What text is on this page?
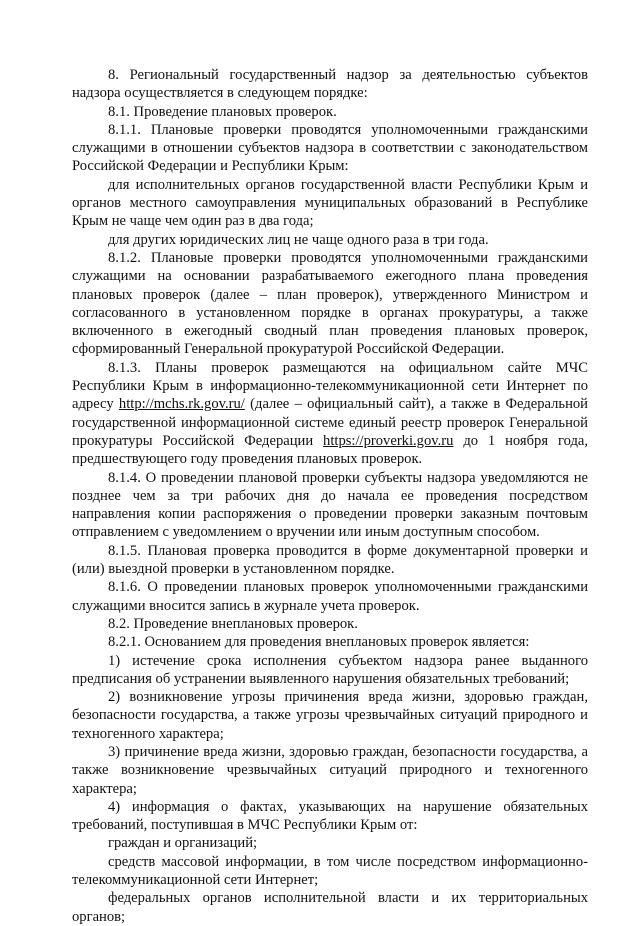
8. Региональный государственный надзор за деятельностью субъектов надзора осуществляется в следующем порядке:

8.1. Проведение плановых проверок.

8.1.1. Плановые проверки проводятся уполномоченными гражданскими служащими в отношении субъектов надзора в соответствии с законодательством Российской Федерации и Республики Крым:

для исполнительных органов государственной власти Республики Крым и органов местного самоуправления муниципальных образований в Республике Крым не чаще чем один раз в два года;

для других юридических лиц не чаще одного раза в три года.

8.1.2. Плановые проверки проводятся уполномоченными гражданскими служащими на основании разрабатываемого ежегодного плана проведения плановых проверок (далее – план проверок), утвержденного Министром и согласованного в установленном порядке в органах прокуратуры, а также включенного в ежегодный сводный план проведения плановых проверок, сформированный Генеральной прокуратурой Российской Федерации.

8.1.3. Планы проверок размещаются на официальном сайте МЧС Республики Крым в информационно-телекоммуникационной сети Интернет по адресу http://mchs.rk.gov.ru/ (далее – официальный сайт), а также в Федеральной государственной информационной системе единый реестр проверок Генеральной прокуратуры Российской Федерации https://proverki.gov.ru до 1 ноября года, предшествующего году проведения плановых проверок.

8.1.4. О проведении плановой проверки субъекты надзора уведомляются не позднее чем за три рабочих дня до начала ее проведения посредством направления копии распоряжения о проведении проверки заказным почтовым отправлением с уведомлением о вручении или иным доступным способом.

8.1.5. Плановая проверка проводится в форме документарной проверки и (или) выездной проверки в установленном порядке.

8.1.6. О проведении плановых проверок уполномоченными гражданскими служащими вносится запись в журнале учета проверок.

8.2. Проведение внеплановых проверок.

8.2.1. Основанием для проведения внеплановых проверок является:

1) истечение срока исполнения субъектом надзора ранее выданного предписания об устранении выявленного нарушения обязательных требований;

2) возникновение угрозы причинения вреда жизни, здоровью граждан, безопасности государства, а также угрозы чрезвычайных ситуаций природного и техногенного характера;

3) причинение вреда жизни, здоровью граждан, безопасности государства, а также возникновение чрезвычайных ситуаций природного и техногенного характера;

4) информация о фактах, указывающих на нарушение обязательных требований, поступившая в МЧС Республики Крым от:

граждан и организаций;

средств массовой информации, в том числе посредством информационно-телекоммуникационной сети Интернет;

федеральных органов исполнительной власти и их территориальных органов;
